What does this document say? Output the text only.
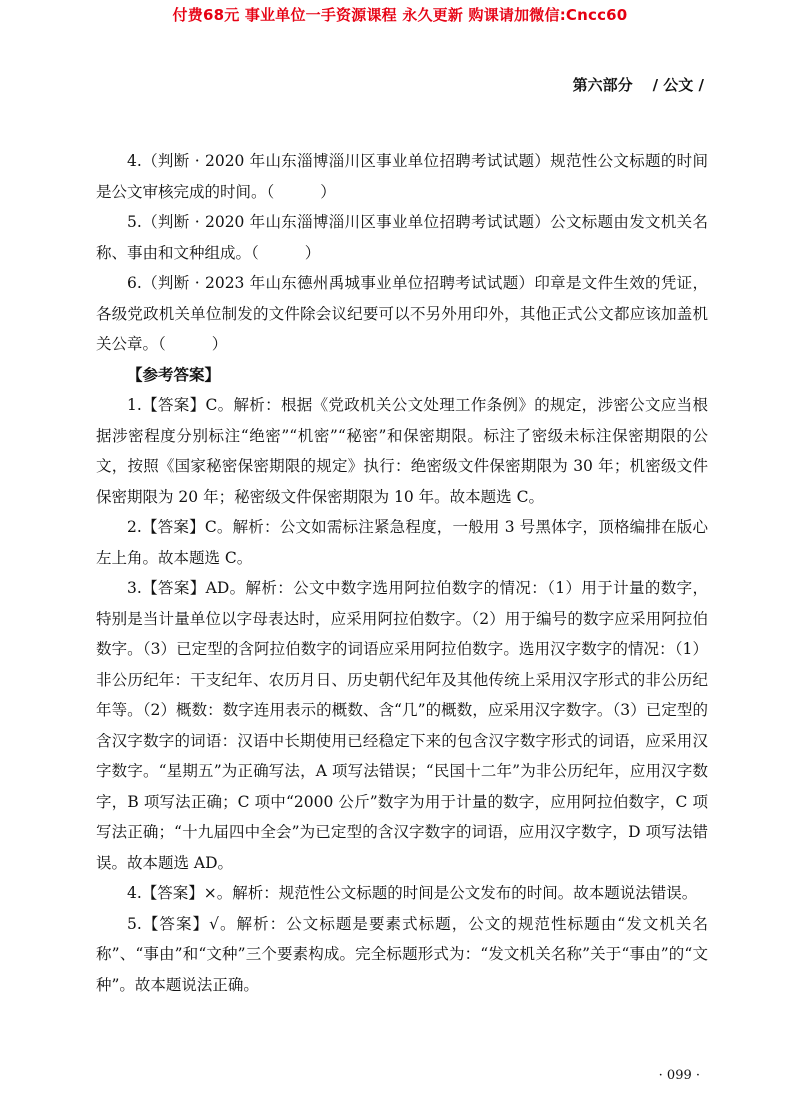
付费68元 事业单位一手资源课程 永久更新 购课请加微信:Cncc60
第六部分 / 公文 /

4.（判断 · 2020 年山东淄博淄川区事业单位招聘考试试题）规范性公文标题的时间是公文审核完成的时间。（	）

5.（判断 · 2020 年山东淄博淄川区事业单位招聘考试试题）公文标题由发文机关名称、事由和文种组成。（	）

6.（判断 · 2023 年山东德州禹城事业单位招聘考试试题）印章是文件生效的凭证，各级党政机关单位制发的文件除会议纪要可以不另外用印外，其他正式公文都应该加盖机关公章。（	）

【参考答案】

1.【答案】C。解析：根据《党政机关公文处理工作条例》的规定，涉密公文应当根据涉密程度分别标注“绝密”“机密”“秘密”和保密期限。标注了密级未标注保密期限的公文，按照《国家秘密保密期限的规定》执行：绝密级文件保密期限为 30 年；机密级文件保密期限为 20 年；秘密级文件保密期限为 10 年。故本题选 C。

2.【答案】C。解析：公文如需标注紧急程度，一般用 3 号黑体字，顶格编排在版心左上角。故本题选 C。

3.【答案】AD。解析：公文中数字选用阿拉伯数字的情况：（1）用于计量的数字，特别是当计量单位以字母表达时，应采用阿拉伯数字。（2）用于编号的数字应采用阿拉伯数字。（3）已定型的含阿拉伯数字的词语应采用阿拉伯数字。选用汉字数字的情况：（1）非公历纪年：干支纪年、农历月日、历史朝代纪年及其他传统上采用汉字形式的非公历纪年等。（2）概数：数字连用表示的概数、含“几”的概数，应采用汉字数字。（3）已定型的含汉字数字的词语：汉语中长期使用已经稳定下来的包含汉字数字形式的词语，应采用汉字数字。“星期五”为正确写法，A 项写法错误；“民国十二年”为非公历纪年，应用汉字数字，B 项写法正确；C 项中“2000 公斤”数字为用于计量的数字，应用阿拉伯数字，C 项写法正确；“十九届四中全会”为已定型的含汉字数字的词语，应用汉字数字，D 项写法错误。故本题选 AD。

4.【答案】×。解析：规范性公文标题的时间是公文发布的时间。故本题说法错误。

5.【答案】√。解析：公文标题是要素式标题，公文的规范性标题由“发文机关名称”、“事由”和“文种”三个要素构成。完全标题形式为：“发文机关名称”关于“事由”的“文种”。故本题说法正确。

· 099 ·
